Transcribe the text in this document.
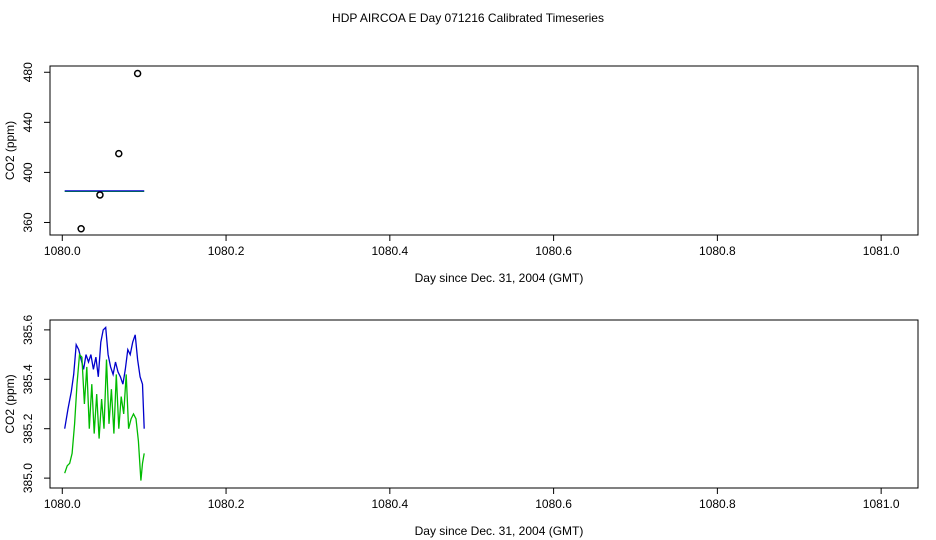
HDP AIRCOA E Day 071216 Calibrated Timeseries
1080.0	1080.2	1080.4	1080.6	1080.8	1081.0
360
400
440
480
Day since Dec. 31, 2004 (GMT)
CO2 (ppm)
1080.0	1080.2	1080.4	1080.6	1080.8	1081.0
385.0
385.2
385.4
385.6
Day since Dec. 31, 2004 (GMT)
CO2 (ppm)
